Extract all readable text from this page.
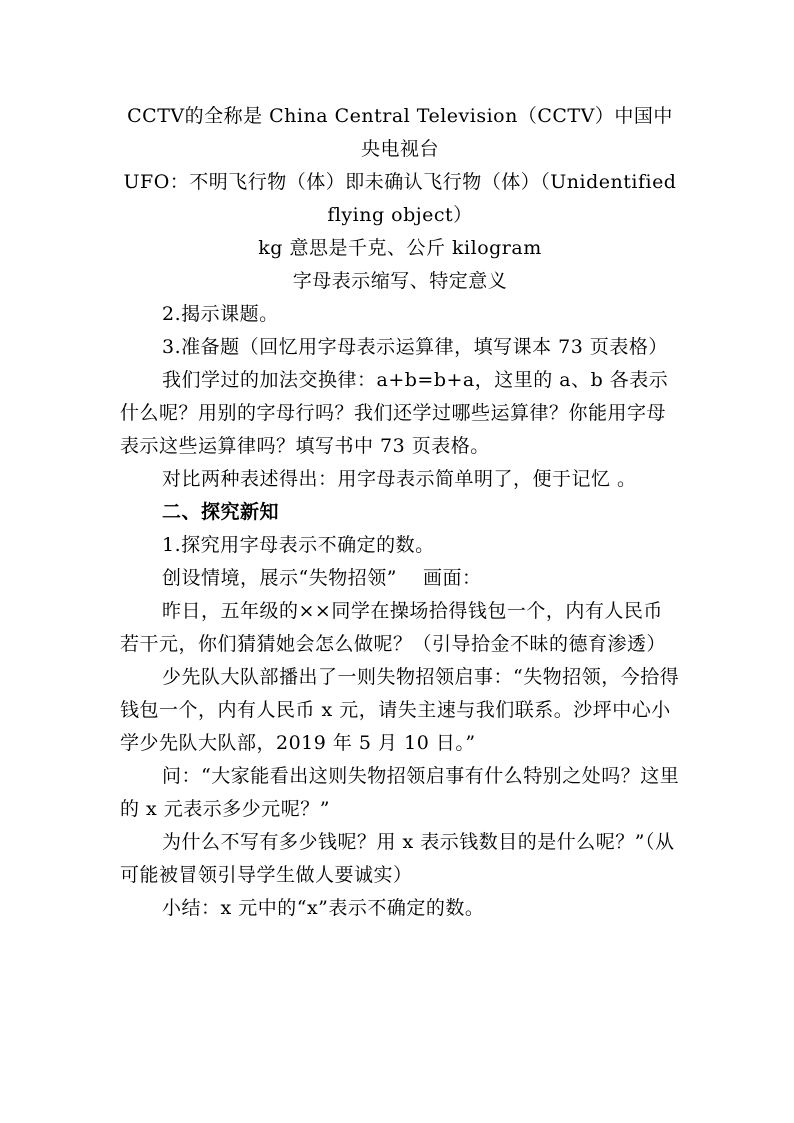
CCTV的全称是 China Central Television（CCTV）中国中央电视台

UFO：不明飞行物（体）即未确认飞行物（体）（Unidentified flying object）

kg 意思是千克、公斤 kilogram

字母表示缩写、特定意义

2.揭示课题。

3.准备题（回忆用字母表示运算律，填写课本 73 页表格）

我们学过的加法交换律：a+b=b+a，这里的 a、b 各表示什么呢？用别的字母行吗？我们还学过哪些运算律？你能用字母表示这些运算律吗？填写书中 73 页表格。

对比两种表述得出：用字母表示简单明了，便于记忆 。

二、探究新知

1.探究用字母表示不确定的数。

创设情境，展示“失物招领”　 画面：

昨日，五年级的××同学在操场拾得钱包一个，内有人民币若干元，你们猜猜她会怎么做呢？（引导拾金不昧的德育渗透）

少先队大队部播出了一则失物招领启事：“失物招领，今拾得钱包一个，内有人民币 x 元，请失主速与我们联系。沙坪中心小学少先队大队部，2019 年 5 月 10 日。”

问：“大家能看出这则失物招领启事有什么特别之处吗？这里的 x 元表示多少元呢？”

为什么不写有多少钱呢？用 x 表示钱数目的是什么呢？”（从可能被冒领引导学生做人要诚实）

小结：x 元中的“x”表示不确定的数。
